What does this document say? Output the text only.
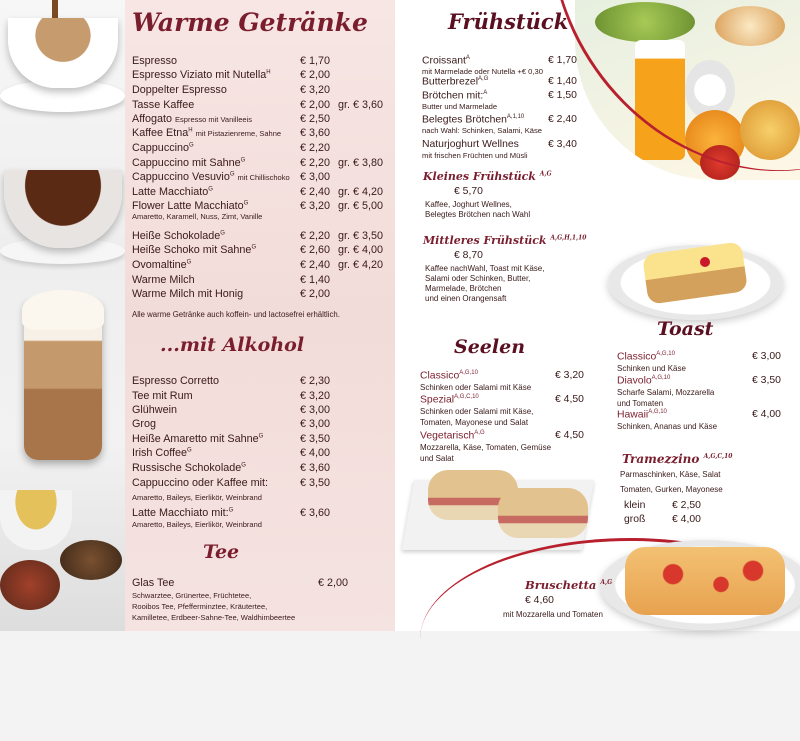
Warme Getränke
Espresso	€ 1,70
Espresso Viziato mit Nutella$^H$	€ 2,00
Doppelter Espresso	€ 3,20
Tasse Kaffee	€ 2,00 gr. € 3,60
Affogato Espresso mit Vanilleeis	€ 2,50
Kaffee Etna$^H$ mit Pistazienreme, Sahne € 3,60
Cappuccino$^G$	€ 2,20
Cappuccino mit Sahne$^G$	€ 2,20 gr. € 3,80
Cappuccino Vesuvio$^G$ mit Chillischoko € 3,00
Latte Macchiato$^G$	€ 2,40 gr. € 4,20
Flower Latte Macchiato$^G$	€ 3,20 gr. € 5,00
Heiße Schokolade$^G$	€ 2,20 gr. € 3,50
Heiße Schoko mit Sahne$^G$	€ 2,60 gr. € 4,00
Ovomaltine$^G$	€ 2,40 gr. € 4,20
Warme Milch	€ 1,40
Warme Milch mit Honig	€ 2,00
Amaretto, Karamell, Nuss, Zimt, Vanille
Alle warme Getränke auch koffein- und lactosefrei erhältlich.
...mit Alkohol
Espresso Corretto	€ 2,30
Tee mit Rum	€ 3,20
Glühwein	€ 3,00
Grog	€ 3,00
Heiße Amaretto mit Sahne$^G$	€ 3,50
Irish Coffee$^G$	€ 4,00
Russische Schokolade$^G$	€ 3,60
Cappuccino oder Kaffee mit:	€ 3,50
Latte Macchiato mit:$^G$	€ 3,60
Amaretto, Baileys, Eierlikör, Weinbrand
Amaretto, Baileys, Eierlikör, Weinbrand
Tee
Glas Tee	€ 2,00
Schwarztee, Grünertee, Früchtetee,
Rooibos Tee, Pfefferminztee, Kräutertee,
Kamilletee, Erdbeer-Sahne-Tee, Waldhimbeertee
Frühstück
Croissant$^A$	€ 1,70
mit Marmelade oder Nutella +€ 0,30
Butterbrezel$^{A,G}$	€ 1,40
Brötchen mit:$^A$	€ 1,50
Butter und Marmelade
Belegtes Brötchen$^{A,1,10}$ € 2,40
nach Wahl: Schinken, Salami, Käse
Naturjoghurt Wellnes	€ 3,40
mit frischen Früchten und Müsli
Kleines Frühstück $^{A,G}$
€ 5,70
Kaffee, Joghurt Wellnes,
Belegtes Brötchen nach Wahl
Mittleres Frühstück $^{A,G,H,1,10}$
€ 8,70
Kaffee nachWahl, Toast mit Käse,
Salami oder Schinken, Butter,
Marmelade, Brötchen
und einen Orangensaft
Toast
Classico$^{A,G,10}$	€ 3,00
Schinken und Käse
Diavolo$^{A,G,10}$	€ 3,50
Scharfe Salami, Mozzarella
und Tomaten
Hawaii$^{A,G,10}$	€ 4,00
Schinken, Ananas und Käse
Seelen
Classico$^{A,G,10}$	€ 3,20
Schinken oder Salami mit Käse
Spezial$^{A,G,C,10}$	€ 4,50
Schinken oder Salami mit Käse,
Tomaten, Mayonese und Salat
Vegetarisch$^{A,G}$	€ 4,50
Mozzarella, Käse, Tomaten, Gemüse
und Salat	Tramezzino $^{A,G,C,10}$
Parmaschinken, Käse, Salat
Tomaten, Gurken, Mayonese
klein	€ 2,50
groß	€ 4,00
Bruschetta $^{A,G}$
€ 4,60
mit Mozzarella und Tomaten
